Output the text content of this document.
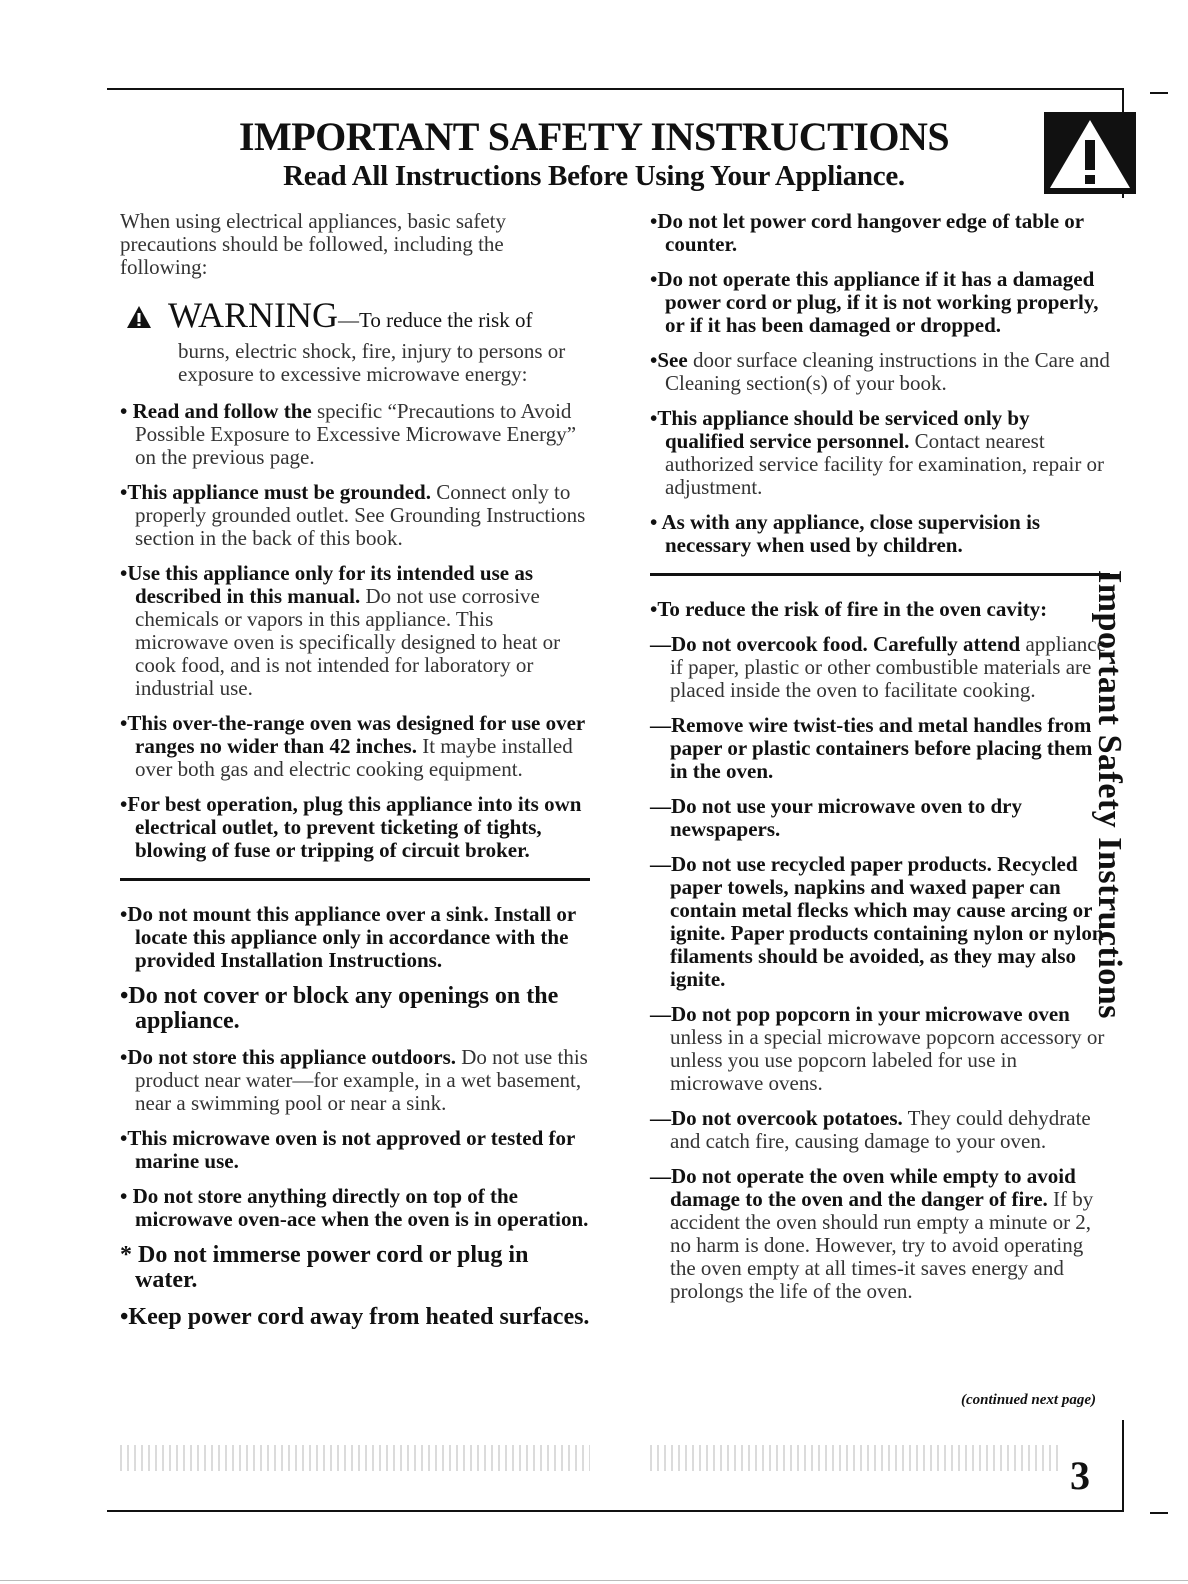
IMPORTANT SAFETY INSTRUCTIONS
Read All Instructions Before Using Your Appliance.

When using electrical appliances, basic safety precautions should be followed, including the following:

WARNING—To reduce the risk of
burns, electric shock, fire, injury to persons or exposure to excessive microwave energy:

• Read and follow the specific “Precautions to Avoid Possible Exposure to Excessive Microwave Energy” on the previous page.

•This appliance must be grounded. Connect only to properly grounded outlet. See Grounding Instructions section in the back of this book.

•Use this appliance only for its intended use as described in this manual. Do not use corrosive chemicals or vapors in this appliance. This microwave oven is specifically designed to heat or cook food, and is not intended for laboratory or industrial use.

•This over-the-range oven was designed for use over ranges no wider than 42 inches. It maybe installed over both gas and electric cooking equipment.

•For best operation, plug this appliance into its own electrical outlet, to prevent ticketing of tights, blowing of fuse or tripping of circuit broker.

•Do not mount this appliance over a sink. Install or locate this appliance only in accordance with the provided Installation Instructions.

•Do not cover or block any openings on the appliance.

•Do not store this appliance outdoors. Do not use this product near water—for example, in a wet basement, near a swimming pool or near a sink.

•This microwave oven is not approved or tested for marine use.

• Do not store anything directly on top of the microwave oven-ace when the oven is in operation.

* Do not immerse power cord or plug in water.

•Keep power cord away from heated surfaces.

•Do not let power cord hangover edge of table or counter.

•Do not operate this appliance if it has a damaged power cord or plug, if it is not working properly, or if it has been damaged or dropped.

•See door surface cleaning instructions in the Care and Cleaning section(s) of your book.

•This appliance should be serviced only by qualified service personnel. Contact nearest authorized service facility for examination, repair or adjustment.

• As with any appliance, close supervision is necessary when used by children.

•To reduce the risk of fire in the oven cavity:

—Do not overcook food. Carefully attend appliance if paper, plastic or other combustible materials are placed inside the oven to facilitate cooking.

—Remove wire twist-ties and metal handles from paper or plastic containers before placing them in the oven.

—Do not use your microwave oven to dry newspapers.

—Do not use recycled paper products. Recycled paper towels, napkins and waxed paper can contain metal flecks which may cause arcing or ignite. Paper products containing nylon or nylon filaments should be avoided, as they may also ignite.

—Do not pop popcorn in your microwave oven unless in a special microwave popcorn accessory or unless you use popcorn labeled for use in microwave ovens.

—Do not overcook potatoes. They could dehydrate and catch fire, causing damage to your oven.

—Do not operate the oven while empty to avoid damage to the oven and the danger of fire. If by accident the oven should run empty a minute or 2, no harm is done. However, try to avoid operating the oven empty at all times-it saves energy and prolongs the life of the oven.

Important Safety Instructions
(continued next page)
3
